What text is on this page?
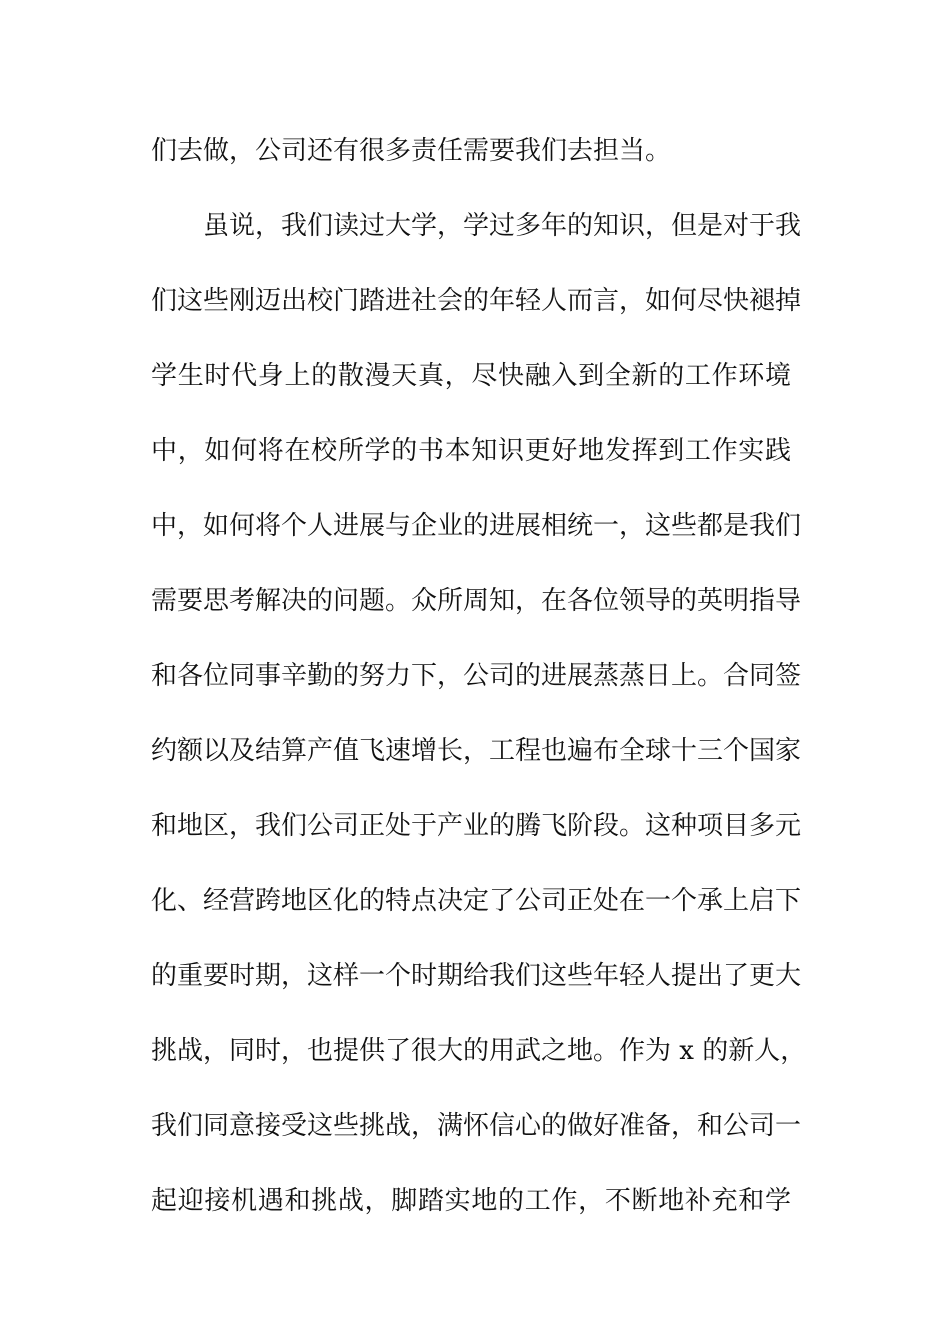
们去做，公司还有很多责任需要我们去担当。
虽说，我们读过大学，学过多年的知识，但是对于我
们这些刚迈出校门踏进社会的年轻人而言，如何尽快褪掉
学生时代身上的散漫天真，尽快融入到全新的工作环境
中，如何将在校所学的书本知识更好地发挥到工作实践
中，如何将个人进展与企业的进展相统一，这些都是我们
需要思考解决的问题。众所周知，在各位领导的英明指导
和各位同事辛勤的努力下，公司的进展蒸蒸日上。合同签
约额以及结算产值飞速增长，工程也遍布全球十三个国家
和地区，我们公司正处于产业的腾飞阶段。这种项目多元
化、经营跨地区化的特点决定了公司正处在一个承上启下
的重要时期，这样一个时期给我们这些年轻人提出了更大
挑战，同时，也提供了很大的用武之地。作为 x 的新人，
我们同意接受这些挑战，满怀信心的做好准备，和公司一
起迎接机遇和挑战，脚踏实地的工作，不断地补充和学
